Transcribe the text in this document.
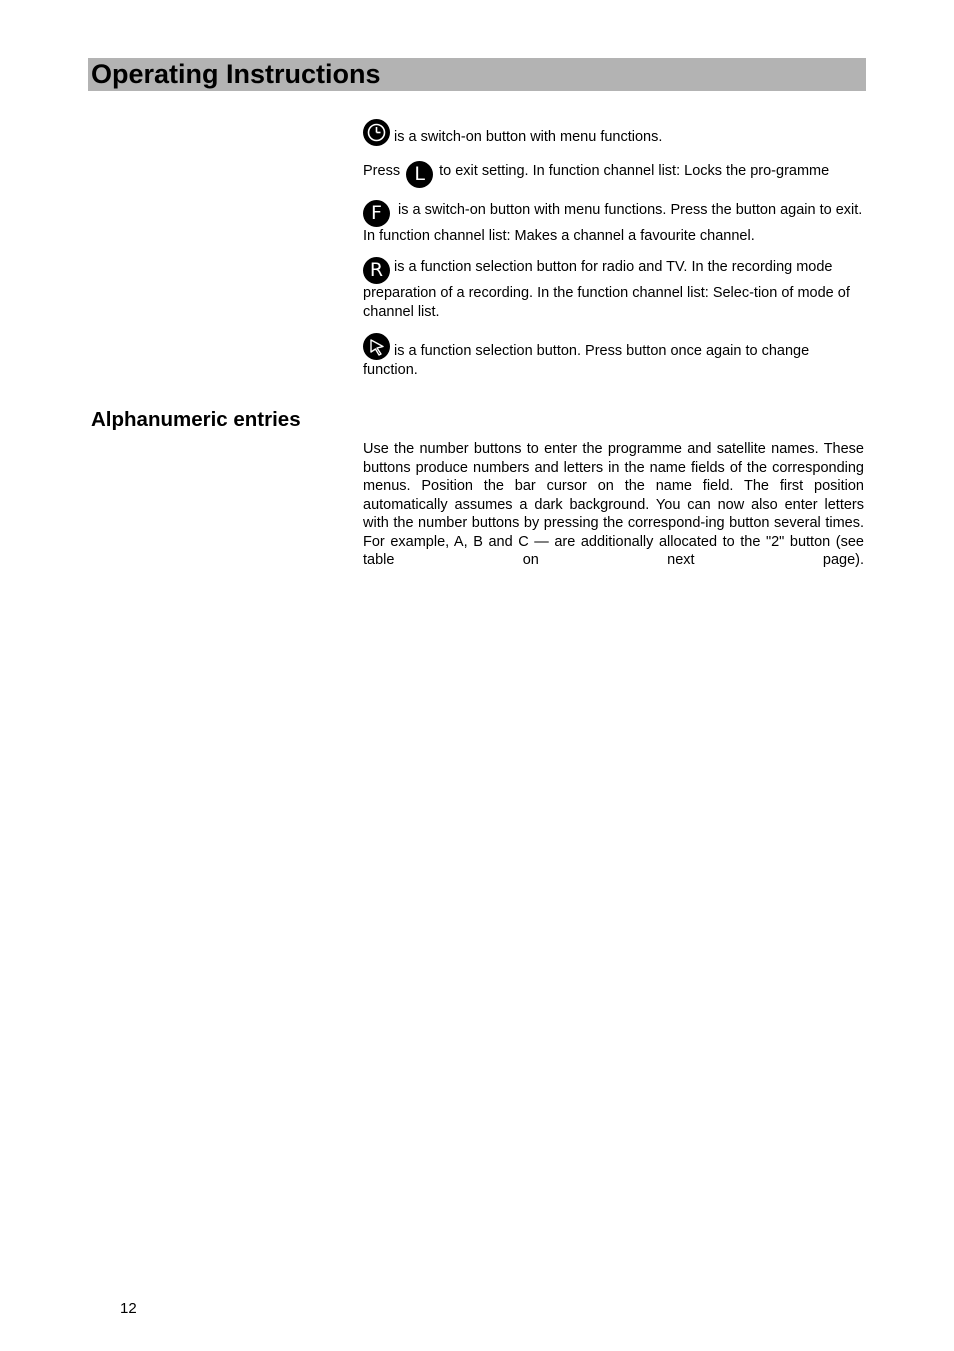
Operating Instructions

is a switch-on button with menu functions.

Press L to exit setting. In function channel list: Locks the pro-gramme

F is a switch-on button with menu functions. Press the button again to exit. In function channel list: Makes a channel a favourite channel.

R is a function selection button for radio and TV. In the recording mode preparation of a recording. In the function channel list: Selec-tion of mode of channel list.

is a function selection button. Press button once again to change function.

Alphanumeric entries

Use the number buttons to enter the programme and satellite names. These buttons produce numbers and letters in the name fields of the corresponding menus. Position the bar cursor on the name field. The first position automatically assumes a dark background. You can now also enter letters with the number buttons by pressing the correspond-ing button several times. For example, A, B and C — are additionally allocated to the "2" button (see table on next page).

12
